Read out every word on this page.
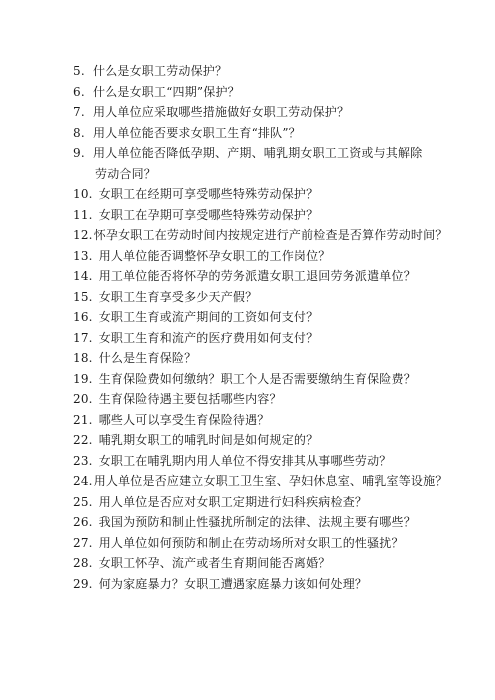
5. 什么是女职工劳动保护？
6. 什么是女职工“四期”保护？
7. 用人单位应采取哪些措施做好女职工劳动保护？
8. 用人单位能否要求女职工生育“排队”？
9. 用人单位能否降低孕期、产期、哺乳期女职工工资或与其解除
劳动合同？
10. 女职工在经期可享受哪些特殊劳动保护？
11. 女职工在孕期可享受哪些特殊劳动保护？
12.怀孕女职工在劳动时间内按规定进行产前检查是否算作劳动时间？
13. 用人单位能否调整怀孕女职工的工作岗位？
14. 用工单位能否将怀孕的劳务派遣女职工退回劳务派遣单位？
15. 女职工生育享受多少天产假？
16. 女职工生育或流产期间的工资如何支付？
17. 女职工生育和流产的医疗费用如何支付？
18. 什么是生育保险？
19. 生育保险费如何缴纳？职工个人是否需要缴纳生育保险费？
20. 生育保险待遇主要包括哪些内容？
21. 哪些人可以享受生育保险待遇？
22. 哺乳期女职工的哺乳时间是如何规定的？
23. 女职工在哺乳期内用人单位不得安排其从事哪些劳动？
24.用人单位是否应建立女职工卫生室、孕妇休息室、哺乳室等设施？
25. 用人单位是否应对女职工定期进行妇科疾病检查？
26. 我国为预防和制止性骚扰所制定的法律、法规主要有哪些？
27. 用人单位如何预防和制止在劳动场所对女职工的性骚扰？
28. 女职工怀孕、流产或者生育期间能否离婚？
29. 何为家庭暴力？女职工遭遇家庭暴力该如何处理？
